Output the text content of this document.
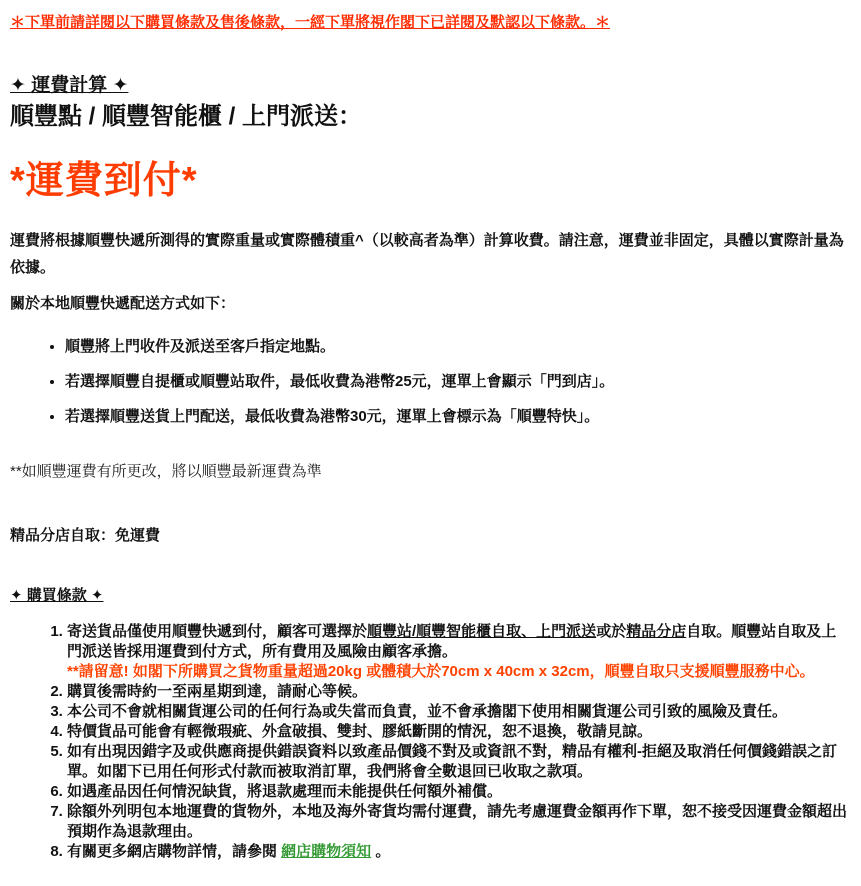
＊下單前請詳閱以下購買條款及售後條款，一經下單將視作閣下已詳閱及默認以下條款。＊

✦ 運費計算 ✦
順豐點 / 順豐智能櫃 / 上門派送：
*運費到付*

運費將根據順豐快遞所測得的實際重量或實際體積重^（以較高者為準）計算收費。請注意，運費並非固定，具體以實際計量為依據。

關於本地順豐快遞配送方式如下：

• 順豐將上門收件及派送至客戶指定地點。
• 若選擇順豐自提櫃或順豐站取件，最低收費為港幣25元，運單上會顯示「門到店」。
• 若選擇順豐送貨上門配送，最低收費為港幣30元，運單上會標示為「順豐特快」。

**如順豐運費有所更改，將以順豐最新運費為準

精品分店自取：免運費

✦ 購買條款 ✦
1. 寄送貨品僅使用順豐快遞到付，顧客可選擇於順豐站/順豐智能櫃自取、上門派送或於精品分店自取。順豐站自取及上門派送皆採用運費到付方式，所有費用及風險由顧客承擔。
**請留意! 如閣下所購買之貨物重量超過20kg 或體積大於70cm x 40cm x 32cm，順豐自取只支援順豐服務中心。
2. 購買後需時約一至兩星期到達，請耐心等候。
3. 本公司不會就相關貨運公司的任何行為或失當而負責，並不會承擔閣下使用相關貨運公司引致的風險及責任。
4. 特價貨品可能會有輕微瑕疵、外盒破損、雙封、膠紙斷開的情況，恕不退換，敬請見諒。
5. 如有出現因錯字及或供應商提供錯誤資料以致產品價錢不對及或資訊不對，精品有權利-拒絕及取消任何價錢錯誤之訂單。如閣下已用任何形式付款而被取消訂單，我們將會全數退回已收取之款項。
6. 如遇產品因任何情況缺貨，將退款處理而未能提供任何額外補償。
7. 除額外列明包本地運費的貨物外，本地及海外寄貨均需付運費，請先考慮運費金額再作下單，恕不接受因運費金額超出預期作為退款理由。
8. 有關更多網店購物詳情，請參閱 網店購物須知 。
